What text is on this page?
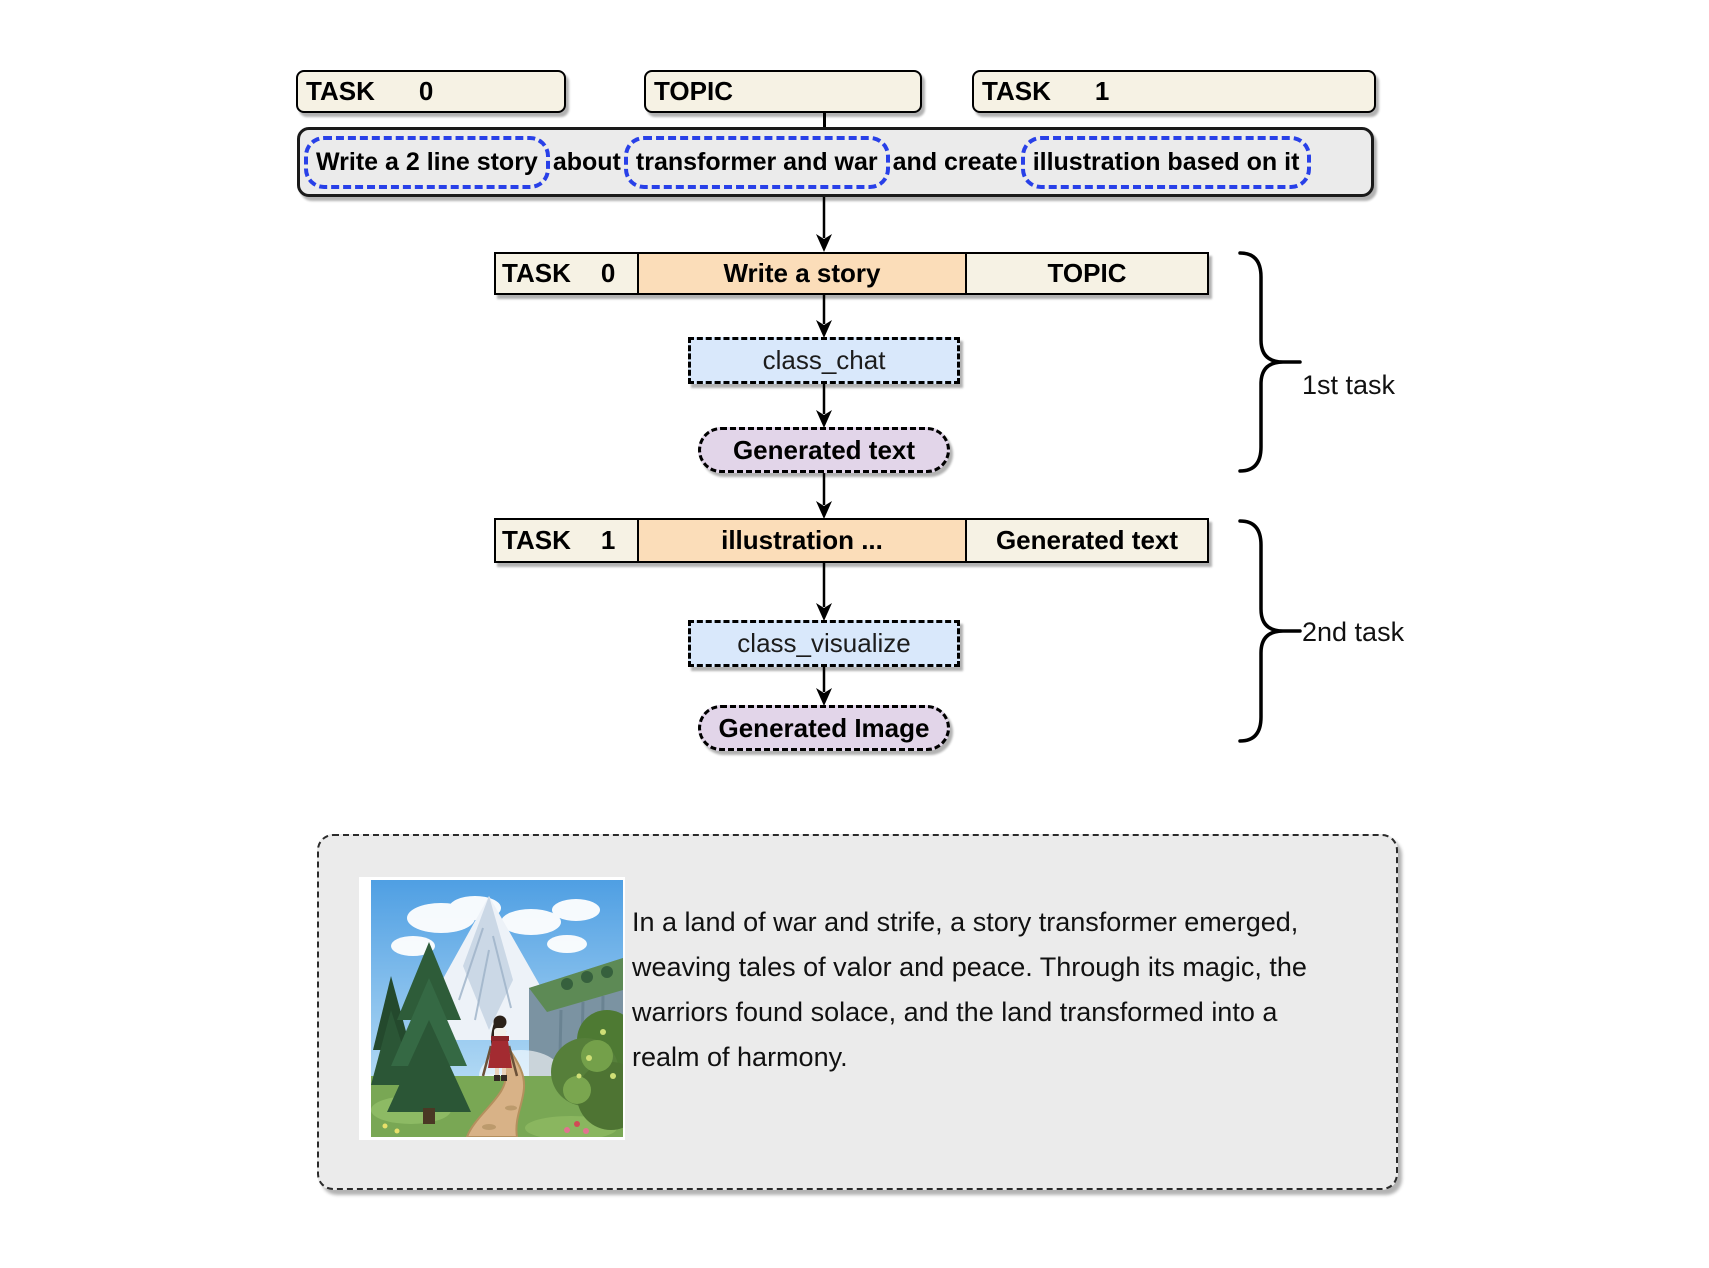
TASK 0	TOPIC	TASK 1
Write a 2 line story about transformer and war and create illustration based on it
TASK 0	Write a story	TOPIC
class_chat
Generated text
TASK 1	illustration ...	Generated text
class_visualize
Generated Image
1st task
2nd task
In a land of war and strife, a story transformer emerged,
weaving tales of valor and peace. Through its magic, the
warriors found solace, and the land transformed into a
realm of harmony.
